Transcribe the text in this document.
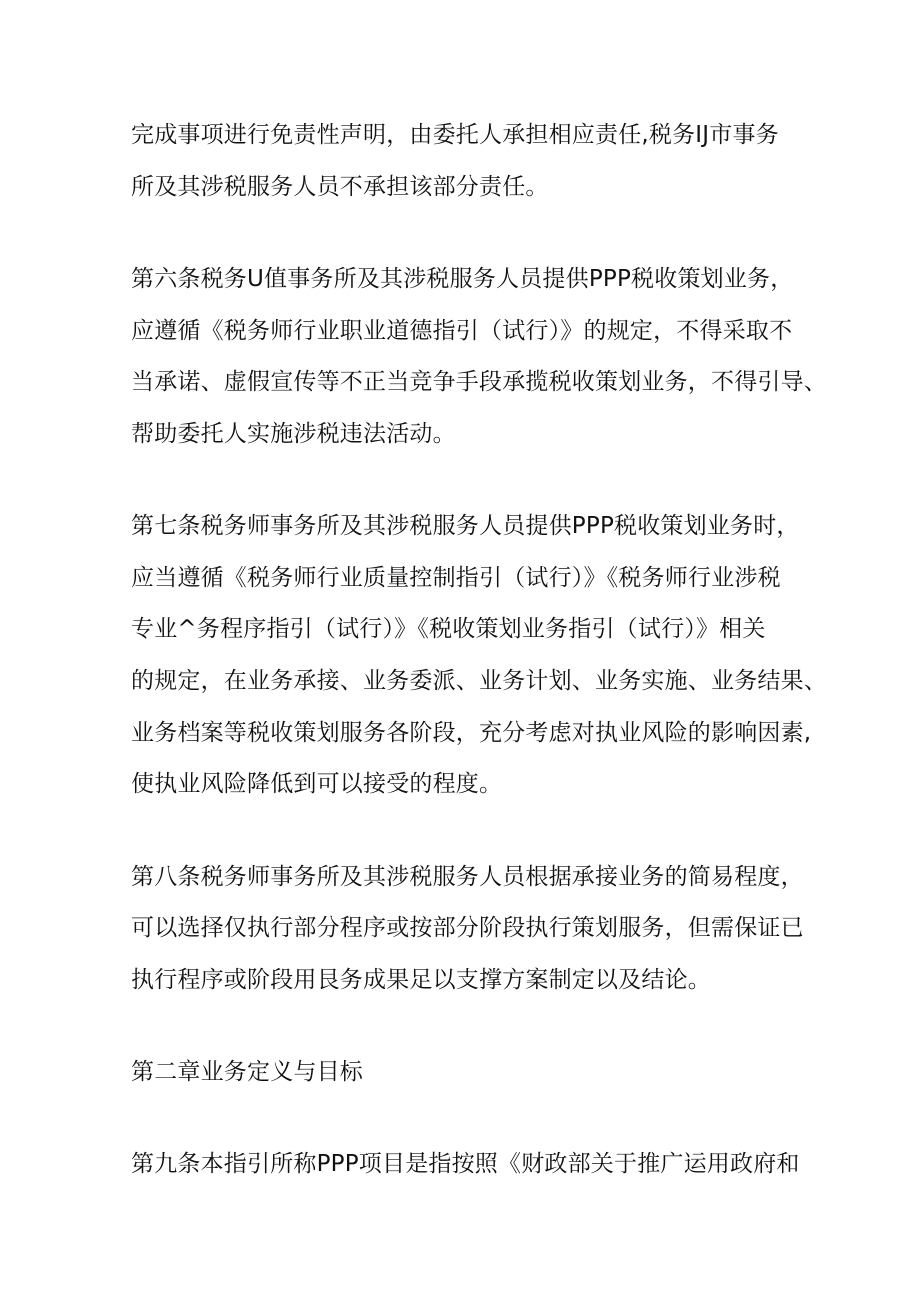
完成事项进行免责性声明，由委托人承担相应责任,税务IJ市事务
所及其涉税服务人员不承担该部分责任。
第六条税务U值事务所及其涉税服务人员提供PPP税收策划业务，
应遵循《税务师行业职业道德指引（试行）》的规定，不得采取不
当承诺、虚假宣传等不正当竞争手段承揽税收策划业务，不得引导、
帮助委托人实施涉税违法活动。
第七条税务师事务所及其涉税服务人员提供PPP税收策划业务时，
应当遵循《税务师行业质量控制指引（试行）》《税务师行业涉税
专业^务程序指引（试行）》《税收策划业务指引（试行）》相关
的规定，在业务承接、业务委派、业务计划、业务实施、业务结果、
业务档案等税收策划服务各阶段，充分考虑对执业风险的影响因素,
使执业风险降低到可以接受的程度。
第八条税务师事务所及其涉税服务人员根据承接业务的简易程度，
可以选择仅执行部分程序或按部分阶段执行策划服务，但需保证已
执行程序或阶段用艮务成果足以支撑方案制定以及结论。
第二章业务定义与目标
第九条本指引所称PPP项目是指按照《财政部关于推广运用政府和
